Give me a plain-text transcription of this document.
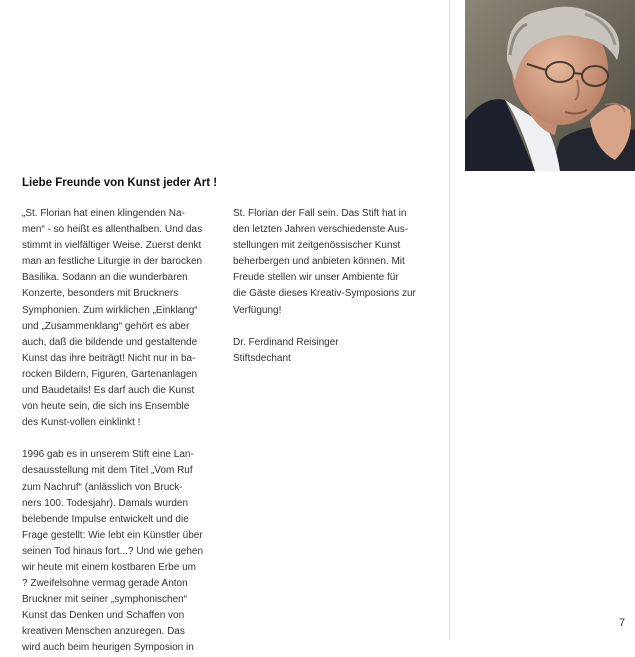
Liebe Freunde von Kunst jeder Art !

„St. Florian hat einen klingenden Na-
men“ - so heißt es allenthalben. Und das
stimmt in vielfältiger Weise. Zuerst denkt
man an festliche Liturgie in der barocken
Basilika. Sodann an die wunderbaren
Konzerte, besonders mit Bruckners
Symphonien. Zum wirklichen „Einklang“
und „Zusammenklang“ gehört es aber
auch, daß die bildende und gestaltende
Kunst das ihre beiträgt! Nicht nur in ba-
rocken Bildern, Figuren, Gartenanlagen
und Baudetails! Es darf auch die Kunst
von heute sein, die sich ins Ensemble
des Kunst-vollen einklinkt !

1996 gab es in unserem Stift eine Lan-
desausstellung mit dem Titel „Vom Ruf
zum Nachruf“ (anlässlich von Bruck-
ners 100. Todesjahr). Damals wurden
belebende Impulse entwickelt und die
Frage gestellt: Wie lebt ein Künstler über
seinen Tod hinaus fort...? Und wie gehen
wir heute mit einem kostbaren Erbe um
? Zweifelsohne vermag gerade Anton
Bruckner mit seiner „symphonischen“
Kunst das Denken und Schaffen von
kreativen Menschen anzuregen. Das
wird auch beim heurigen Symposion in

St. Florian der Fall sein. Das Stift hat in
den letzten Jahren verschiedenste Aus-
stellungen mit zeitgenössischer Kunst
beherbergen und anbieten können. Mit
Freude stellen wir unser Ambiente für
die Gäste dieses Kreativ-Symposions zur
Verfügung!

Dr. Ferdinand Reisinger
Stiftsdechant

7
